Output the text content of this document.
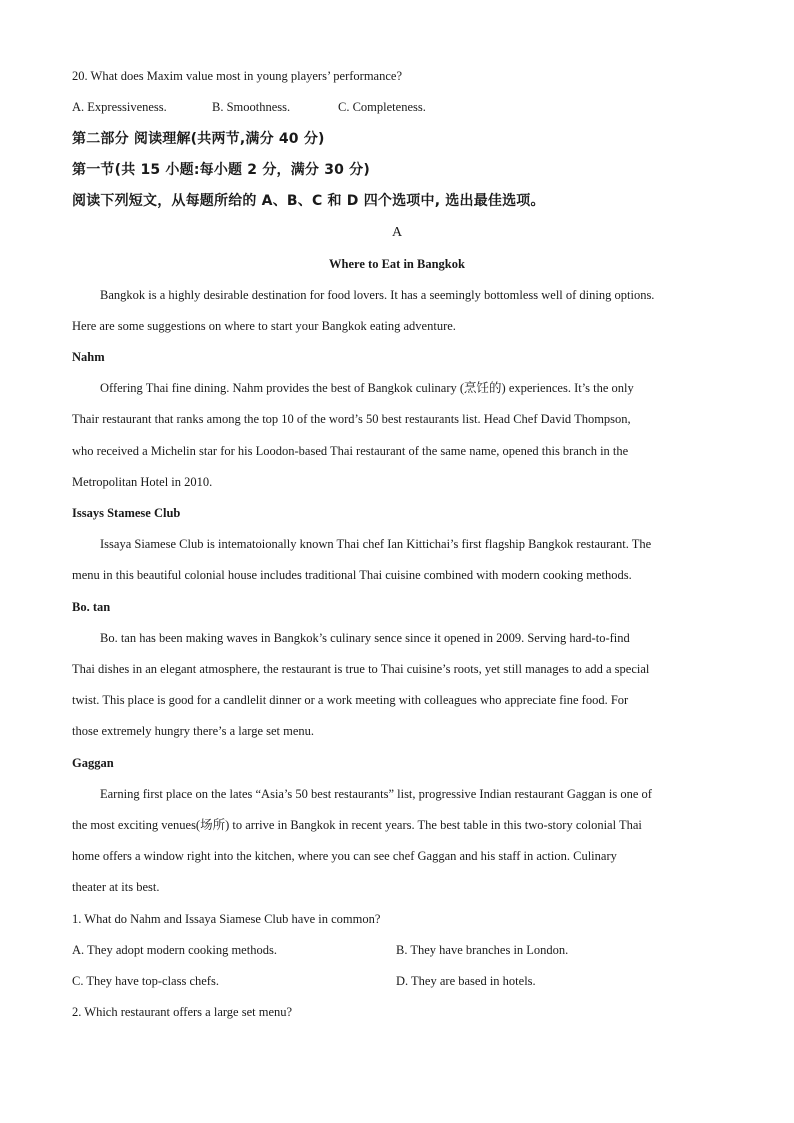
20. What does Maxim value most in young players’ performance?
A. Expressiveness.	B. Smoothness.	C. Completeness.
第二部分 阅读理解(共两节,满分 40 分)
第一节(共 15 小题:每小题 2 分，满分 30 分)
阅读下列短文，从每题所给的 A、B、C 和 D 四个选项中, 选出最佳选项。
A
Where to Eat in Bangkok
Bangkok is a highly desirable destination for food lovers. It has a seemingly bottomless well of dining options.
Here are some suggestions on where to start your Bangkok eating adventure.
Nahm
Offering Thai fine dining. Nahm provides the best of Bangkok culinary (烹饪的) experiences. It’s the only
Thair restaurant that ranks among the top 10 of the word’s 50 best restaurants list. Head Chef David Thompson,
who received a Michelin star for his Loodon-based Thai restaurant of the same name, opened this branch in the
Metropolitan Hotel in 2010.
Issays Stamese Club
Issaya Siamese Club is intematoionally known Thai chef Ian Kittichai’s first flagship Bangkok restaurant. The
menu in this beautiful colonial house includes traditional Thai cuisine combined with modern cooking methods.
Bo. tan
Bo. tan has been making waves in Bangkok’s culinary sence since it opened in 2009. Serving hard-to-find
Thai dishes in an elegant atmosphere, the restaurant is true to Thai cuisine’s roots, yet still manages to add a special
twist. This place is good for a candlelit dinner or a work meeting with colleagues who appreciate fine food. For
those extremely hungry there’s a large set menu.
Gaggan
Earning first place on the lates “Asia’s 50 best restaurants” list, progressive Indian restaurant Gaggan is one of
the most exciting venues(场所) to arrive in Bangkok in recent years. The best table in this two-story colonial Thai
home offers a window right into the kitchen, where you can see chef Gaggan and his staff in action. Culinary
theater at its best.
1. What do Nahm and Issaya Siamese Club have in common?
A. They adopt modern cooking methods.	B. They have branches in London.
C. They have top-class chefs.	D. They are based in hotels.
2. Which restaurant offers a large set menu?
